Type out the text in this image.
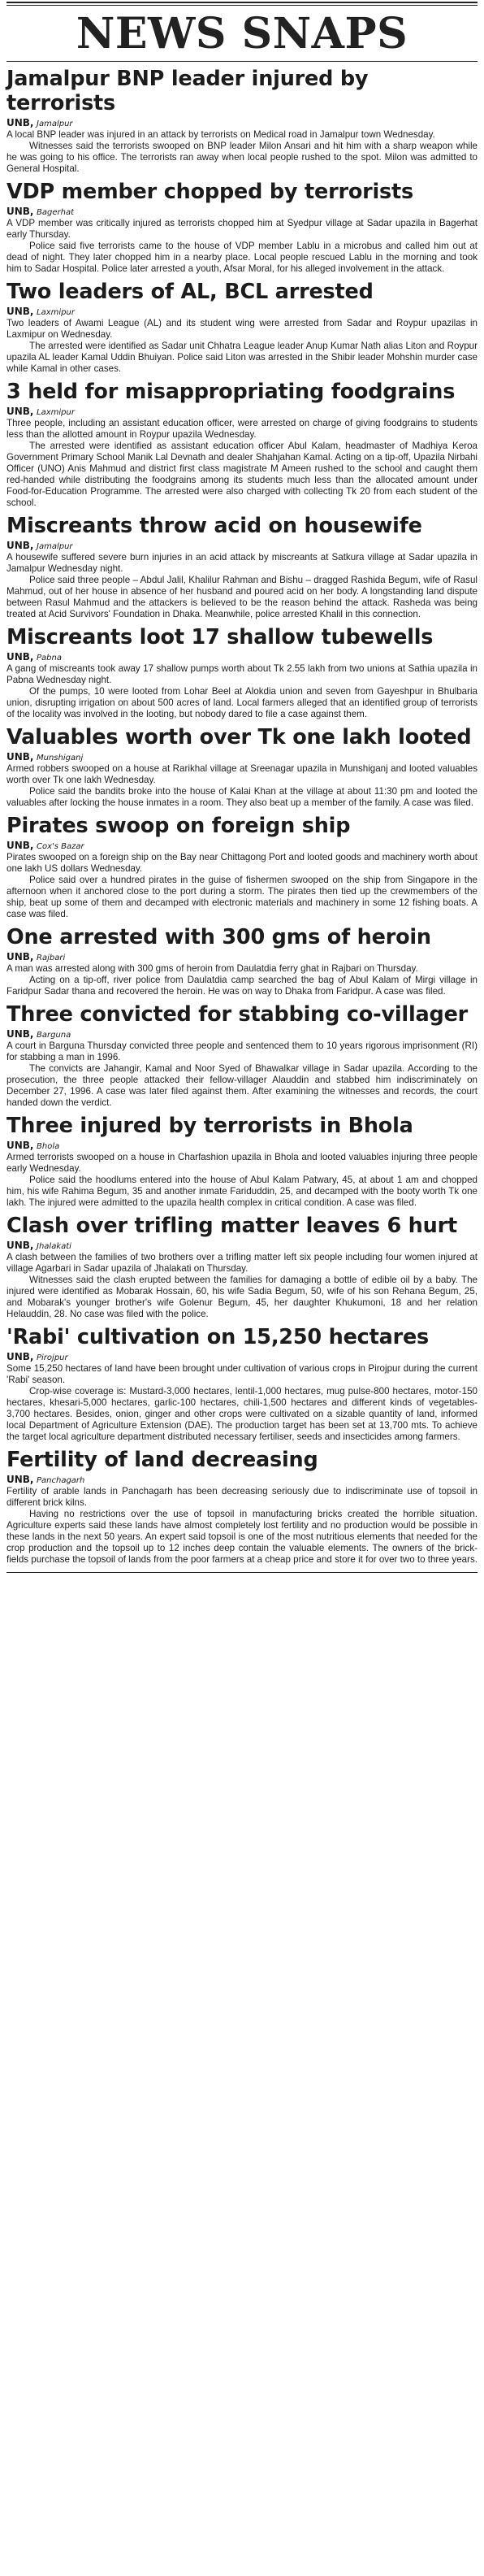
NEWS SNAPS
Jamalpur BNP leader injured by terrorists

UNB, Jamalpur

A local BNP leader was injured in an attack by terrorists on Medical road in Jamalpur town Wednesday.

Witnesses said the terrorists swooped on BNP leader Milon Ansari and hit him with a sharp weapon while he was going to his office. The terrorists ran away when local people rushed to the spot. Milon was admitted to General Hospital.

VDP member chopped by terrorists

UNB, Bagerhat

A VDP member was critically injured as terrorists chopped him at Syedpur village at Sadar upazila in Bagerhat early Thursday.

Police said five terrorists came to the house of VDP member Lablu in a microbus and called him out at dead of night. They later chopped him in a nearby place. Local people rescued Lablu in the morning and took him to Sadar Hospital. Police later arrested a youth, Afsar Moral, for his alleged involvement in the attack.

Two leaders of AL, BCL arrested

UNB, Laxmipur

Two leaders of Awami League (AL) and its student wing were arrested from Sadar and Roypur upazilas in Laxmipur on Wednesday.

The arrested were identified as Sadar unit Chhatra League leader Anup Kumar Nath alias Liton and Roypur upazila AL leader Kamal Uddin Bhuiyan. Police said Liton was arrested in the Shibir leader Mohshin murder case while Kamal in other cases.

3 held for misappropriating foodgrains

UNB, Laxmipur

Three people, including an assistant education officer, were arrested on charge of giving foodgrains to students less than the allotted amount in Roypur upazila Wednesday.

The arrested were identified as assistant education officer Abul Kalam, headmaster of Madhiya Keroa Government Primary School Manik Lal Devnath and dealer Shahjahan Kamal. Acting on a tip-off, Upazila Nirbahi Officer (UNO) Anis Mahmud and district first class magistrate M Ameen rushed to the school and caught them red-handed while distributing the foodgrains among its students much less than the allocated amount under Food-for-Education Programme. The arrested were also charged with collecting Tk 20 from each student of the school.

Miscreants throw acid on housewife

UNB, Jamalpur

A housewife suffered severe burn injuries in an acid attack by miscreants at Satkura village at Sadar upazila in Jamalpur Wednesday night.

Police said three people – Abdul Jalil, Khalilur Rahman and Bishu – dragged Rashida Begum, wife of Rasul Mahmud, out of her house in absence of her husband and poured acid on her body. A longstanding land dispute between Rasul Mahmud and the attackers is believed to be the reason behind the attack. Rasheda was being treated at Acid Survivors' Foundation in Dhaka. Meanwhile, police arrested Khalil in this connection.

Miscreants loot 17 shallow tubewells

UNB, Pabna

A gang of miscreants took away 17 shallow pumps worth about Tk 2.55 lakh from two unions at Sathia upazila in Pabna Wednesday night.

Of the pumps, 10 were looted from Lohar Beel at Alokdia union and seven from Gayeshpur in Bhulbaria union, disrupting irrigation on about 500 acres of land. Local farmers alleged that an identified group of terrorists of the locality was involved in the looting, but nobody dared to file a case against them.

Valuables worth over Tk one lakh looted

UNB, Munshiganj

Armed robbers swooped on a house at Rarikhal village at Sreenagar upazila in Munshiganj and looted valuables worth over Tk one lakh Wednesday.

Police said the bandits broke into the house of Kalai Khan at the village at about 11:30 pm and looted the valuables after locking the house inmates in a room. They also beat up a member of the family. A case was filed.

Pirates swoop on foreign ship

UNB, Cox's Bazar

Pirates swooped on a foreign ship on the Bay near Chittagong Port and looted goods and machinery worth about one lakh US dollars Wednesday.

Police said over a hundred pirates in the guise of fishermen swooped on the ship from Singapore in the afternoon when it anchored close to the port during a storm. The pirates then tied up the crewmembers of the ship, beat up some of them and decamped with electronic materials and machinery in some 12 fishing boats. A case was filed.

One arrested with 300 gms of heroin

UNB, Rajbari

A man was arrested along with 300 gms of heroin from Daulatdia ferry ghat in Rajbari on Thursday.

Acting on a tip-off, river police from Daulatdia camp searched the bag of Abul Kalam of Mirgi village in Faridpur Sadar thana and recovered the heroin. He was on way to Dhaka from Faridpur. A case was filed.

Three convicted for stabbing co-villager

UNB, Barguna

A court in Barguna Thursday convicted three people and sentenced them to 10 years rigorous imprisonment (RI) for stabbing a man in 1996.

The convicts are Jahangir, Kamal and Noor Syed of Bhawalkar village in Sadar upazila. According to the prosecution, the three people attacked their fellow-villager Alauddin and stabbed him indiscriminately on December 27, 1996. A case was later filed against them. After examining the witnesses and records, the court handed down the verdict.

Three injured by terrorists in Bhola

UNB, Bhola

Armed terrorists swooped on a house in Charfashion upazila in Bhola and looted valuables injuring three people early Wednesday.

Police said the hoodlums entered into the house of Abul Kalam Patwary, 45, at about 1 am and chopped him, his wife Rahima Begum, 35 and another inmate Fariduddin, 25, and decamped with the booty worth Tk one lakh. The injured were admitted to the upazila health complex in critical condition. A case was filed.

Clash over trifling matter leaves 6 hurt

UNB, Jhalakati

A clash between the families of two brothers over a trifling matter left six people including four women injured at village Agarbari in Sadar upazila of Jhalakati on Thursday.

Witnesses said the clash erupted between the families for damaging a bottle of edible oil by a baby. The injured were identified as Mobarak Hossain, 60, his wife Sadia Begum, 50, wife of his son Rehana Begum, 25, and Mobarak's younger brother's wife Golenur Begum, 45, her daughter Khukumoni, 18 and her relation Helauddin, 28. No case was filed with the police.

'Rabi' cultivation on 15,250 hectares

UNB, Pirojpur

Some 15,250 hectares of land have been brought under cultivation of various crops in Pirojpur during the current 'Rabi' season.

Crop-wise coverage is: Mustard-3,000 hectares, lentil-1,000 hectares, mug pulse-800 hectares, motor-150 hectares, khesari-5,000 hectares, garlic-100 hectares, chili-1,500 hectares and different kinds of vegetables-3,700 hectares. Besides, onion, ginger and other crops were cultivated on a sizable quantity of land, informed local Department of Agriculture Extension (DAE). The production target has been set at 13,700 mts. To achieve the target local agriculture department distributed necessary fertiliser, seeds and insecticides among farmers.

Fertility of land decreasing

UNB, Panchagarh

Fertility of arable lands in Panchagarh has been decreasing seriously due to indiscriminate use of topsoil in different brick kilns.

Having no restrictions over the use of topsoil in manufacturing bricks created the horrible situation. Agriculture experts said these lands have almost completely lost fertility and no production would be possible in these lands in the next 50 years. An expert said topsoil is one of the most nutritious elements that needed for the crop production and the topsoil up to 12 inches deep contain the valuable elements. The owners of the brick-fields purchase the topsoil of lands from the poor farmers at a cheap price and store it for over two to three years.
